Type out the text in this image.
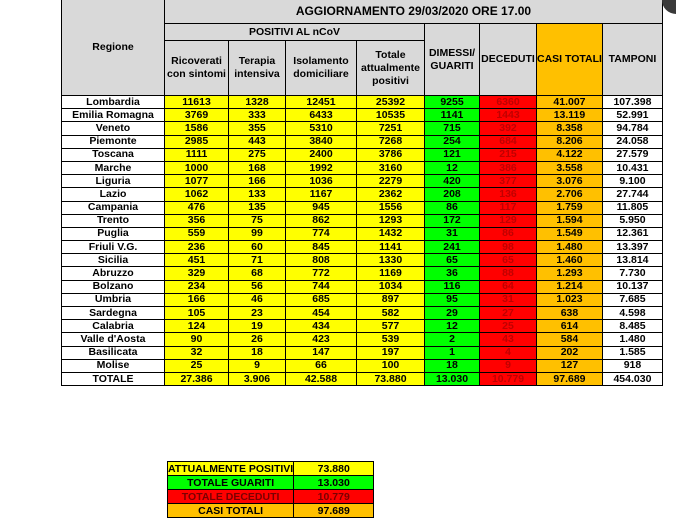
Regione	AGGIORNAMENTO 29/03/2020 ORE 17.00							
	POSITIVI AL nCoV				DIMESSI/ GUARITI	DECEDUTI	CASI TOTALI	TAMPONI
	Ricoverati con sintomi	Terapia intensiva	Isolamento domiciliare	Totale attualmente positivi				
Lombardia	11613	1328	12451	25392	9255	6360	41.007	107.398
Emilia Romagna	3769	333	6433	10535	1141	1443	13.119	52.991
Veneto	1586	355	5310	7251	715	392	8.358	94.784
Piemonte	2985	443	3840	7268	254	684	8.206	24.058
Toscana	1111	275	2400	3786	121	215	4.122	27.579
Marche	1000	168	1992	3160	12	386	3.558	10.431
Liguria	1077	166	1036	2279	420	377	3.076	9.100
Lazio	1062	133	1167	2362	208	136	2.706	27.744
Campania	476	135	945	1556	86	117	1.759	11.805
Trento	356	75	862	1293	172	129	1.594	5.950
Puglia	559	99	774	1432	31	86	1.549	12.361
Friuli V.G.	236	60	845	1141	241	98	1.480	13.397
Sicilia	451	71	808	1330	65	65	1.460	13.814
Abruzzo	329	68	772	1169	36	88	1.293	7.730
Bolzano	234	56	744	1034	116	64	1.214	10.137
Umbria	166	46	685	897	95	31	1.023	7.685
Sardegna	105	23	454	582	29	27	638	4.598
Calabria	124	19	434	577	12	25	614	8.485
Valle d'Aosta	90	26	423	539	2	43	584	1.480
Basilicata	32	18	147	197	1	4	202	1.585
Molise	25	9	66	100	18	9	127	918
TOTALE	27.386	3.906	42.588	73.880	13.030	10.779	97.689	454.030
ATTUALMENTE POSITIVI	73.880
TOTALE GUARITI	13.030
TOTALE DECEDUTI	10.779
CASI TOTALI	97.689
